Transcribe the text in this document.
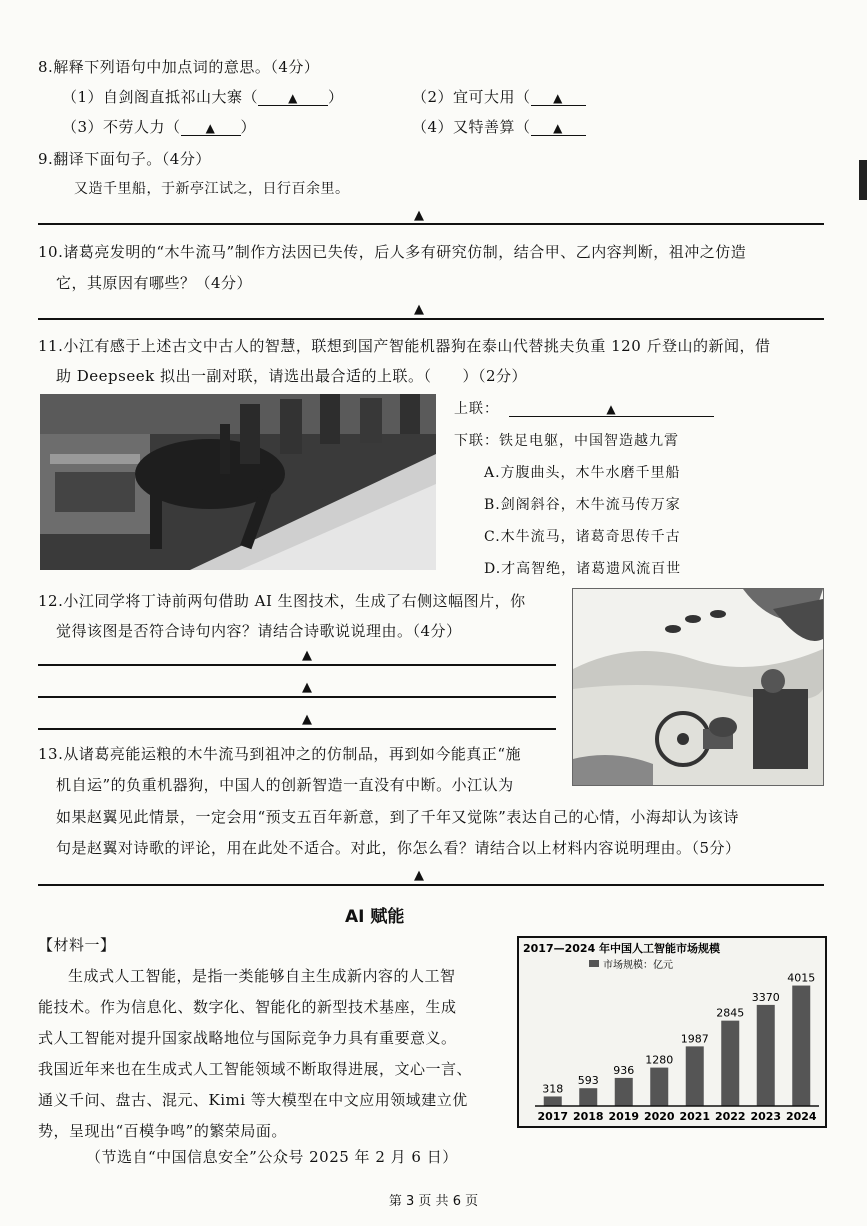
8.解释下列语句中加点词的意思。（4分）
（1）自剑阁直抵祁山大寨（	▲ ）	（2）宜可大用（ ▲
（3）不劳人力（ ▲ ）	（4）又特善算（ ▲
9.翻译下面句子。（4分）
又造千里船，于新亭江试之，日行百余里。
▲
10.诸葛亮发明的“木牛流马”制作方法因已失传，后人多有研究仿制，结合甲、乙内容判断，祖冲之仿造
它，其原因有哪些？（4分）
▲
11.小江有感于上述古文中古人的智慧，联想到国产智能机器狗在泰山代替挑夫负重 120 斤登山的新闻，借
助 Deepseek 拟出一副对联，请选出最合适的上联。（　　）（2分）
上联：	▲
下联：铁足电躯，中国智造越九霄
A.方腹曲头，木牛水磨千里船
B.剑阁斜谷，木牛流马传万家
C.木牛流马，诸葛奇思传千古
D.才高智绝，诸葛遗风流百世
12.小江同学将丁诗前两句借助 AI 生图技术，生成了右侧这幅图片，你
觉得该图是否符合诗句内容？请结合诗歌说说理由。（4分）
▲
▲
▲
13.从诸葛亮能运粮的木牛流马到祖冲之的仿制品，再到如今能真正“施
机自运”的负重机器狗，中国人的创新智造一直没有中断。小江认为
如果赵翼见此情景，一定会用“预支五百年新意，到了千年又觉陈”表达自己的心情，小海却认为该诗
句是赵翼对诗歌的评论，用在此处不适合。对此，你怎么看？请结合以上材料内容说明理由。（5分）
▲
AI 赋能
【材料一】
生成式人工智能，是指一类能够自主生成新内容的人工智
能技术。作为信息化、数字化、智能化的新型技术基座，生成
式人工智能对提升国家战略地位与国际竞争力具有重要意义。
我国近年来也在生成式人工智能领域不断取得进展，文心一言、
通义千问、盘古、混元、Kimi 等大模型在中文应用领域建立优
势，呈现出“百模争鸣”的繁荣局面。
（节选自“中国信息安全”公众号 2025 年 2 月 6 日）
2017—2024 年中国人工智能市场规模
市场规模：亿元
318
2017
593
2018
936
2019
1280
2020
1987
2021
2845
2022
3370
2023
4015
2024
第 3 页 共 6 页
